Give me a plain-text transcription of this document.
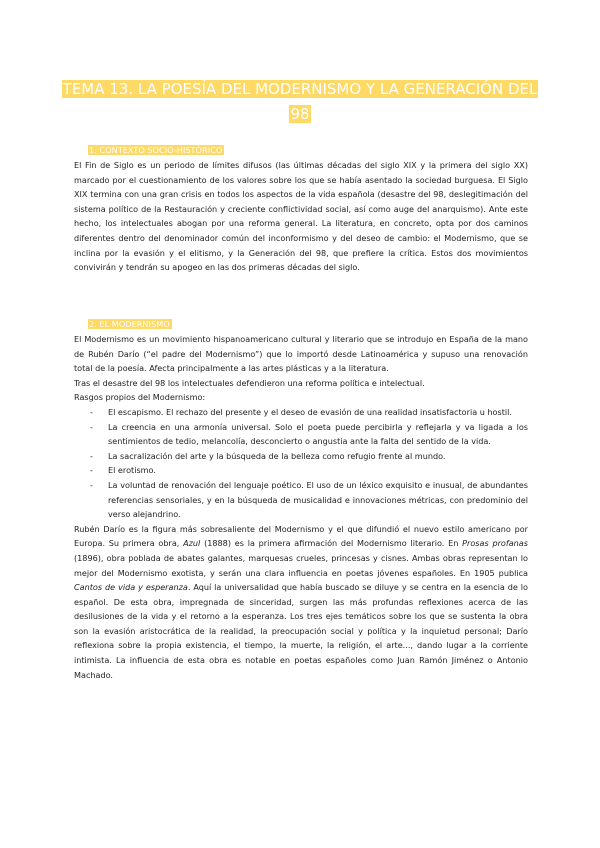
TEMA 13. LA POESÍA DEL MODERNISMO Y LA GENERACIÓN DEL 98
1. CONTEXTO SOCIO-HISTÓRICO

El Fin de Siglo es un periodo de límites difusos (las últimas décadas del siglo XIX y la primera del siglo XX) marcado por el cuestionamiento de los valores sobre los que se había asentado la sociedad burguesa. El Siglo XIX termina con una gran crisis en todos los aspectos de la vida española (desastre del 98, deslegitimación del sistema político de la Restauración y creciente conflictividad social, así como auge del anarquismo). Ante este hecho, los intelectuales abogan por una reforma general. La literatura, en concreto, opta por dos caminos diferentes dentro del denominador común del inconformismo y del deseo de cambio: el Modernismo, que se inclina por la evasión y el elitismo, y la Generación del 98, que prefiere la crítica. Estos dos movimientos convivirán y tendrán su apogeo en las dos primeras décadas del siglo.

2. EL MODERNISMO

El Modernismo es un movimiento hispanoamericano cultural y literario que se introdujo en España de la mano de Rubén Darío (“el padre del Modernismo”) que lo importó desde Latinoamérica y supuso una renovación total de la poesía. Afecta principalmente a las artes plásticas y a la literatura.

Tras el desastre del 98 los intelectuales defendieron una reforma política e intelectual.

Rasgos propios del Modernismo:

- El escapismo. El rechazo del presente y el deseo de evasión de una realidad insatisfactoria u hostil.
- La creencia en una armonía universal. Solo el poeta puede percibirla y reflejarla y va ligada a los sentimientos de tedio, melancolía, desconcierto o angustia ante la falta del sentido de la vida.
- La sacralización del arte y la búsqueda de la belleza como refugio frente al mundo.
- El erotismo.
- La voluntad de renovación del lenguaje poético. El uso de un léxico exquisito e inusual, de abundantes referencias sensoriales, y en la búsqueda de musicalidad e innovaciones métricas, con predominio del verso alejandrino.

Rubén Darío es la figura más sobresaliente del Modernismo y el que difundió el nuevo estilo americano por Europa. Su primera obra, Azul (1888) es la primera afirmación del Modernismo literario. En Prosas profanas (1896), obra poblada de abates galantes, marquesas crueles, princesas y cisnes. Ambas obras representan lo mejor del Modernismo exotista, y serán una clara influencia en poetas jóvenes españoles. En 1905 publica Cantos de vida y esperanza. Aquí la universalidad que había buscado se diluye y se centra en la esencia de lo español. De esta obra, impregnada de sinceridad, surgen las más profundas reflexiones acerca de las desilusiones de la vida y el retorno a la esperanza. Los tres ejes temáticos sobre los que se sustenta la obra son la evasión aristocrática de la realidad, la preocupación social y política y la inquietud personal; Darío reflexiona sobre la propia existencia, el tiempo, la muerte, la religión, el arte..., dando lugar a la corriente intimista. La influencia de esta obra es notable en poetas españoles como Juan Ramón Jiménez o Antonio Machado.
